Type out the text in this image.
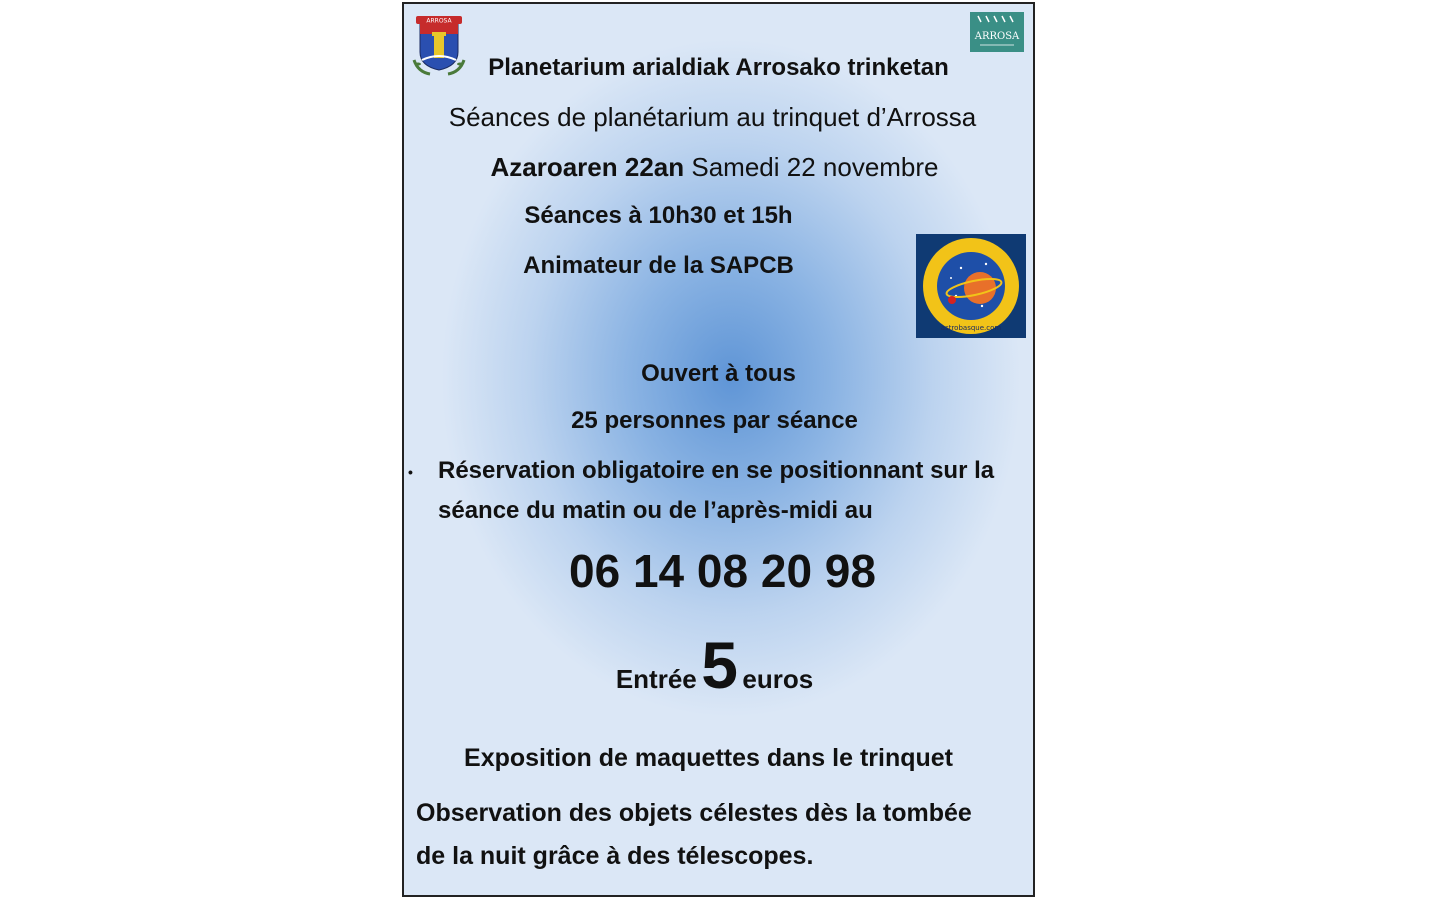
ARROSA
ARROSA
Planetarium arialdiak Arrosako trinketan
Séances de planétarium au trinquet d’Arrossa
Azaroaren 22an Samedi 22 novembre
Séances à 10h30 et 15h
Animateur de la SAPCB
astrobasque.com
Ouvert à tous
25 personnes par séance
• Réservation obligatoire en se positionnant sur la
séance du matin ou de l’après-midi au
06 14 08 20 98
Entrée 5 euros
Exposition de maquettes dans le trinquet
Observation des objets célestes dès la tombée
de la nuit grâce à des télescopes.
